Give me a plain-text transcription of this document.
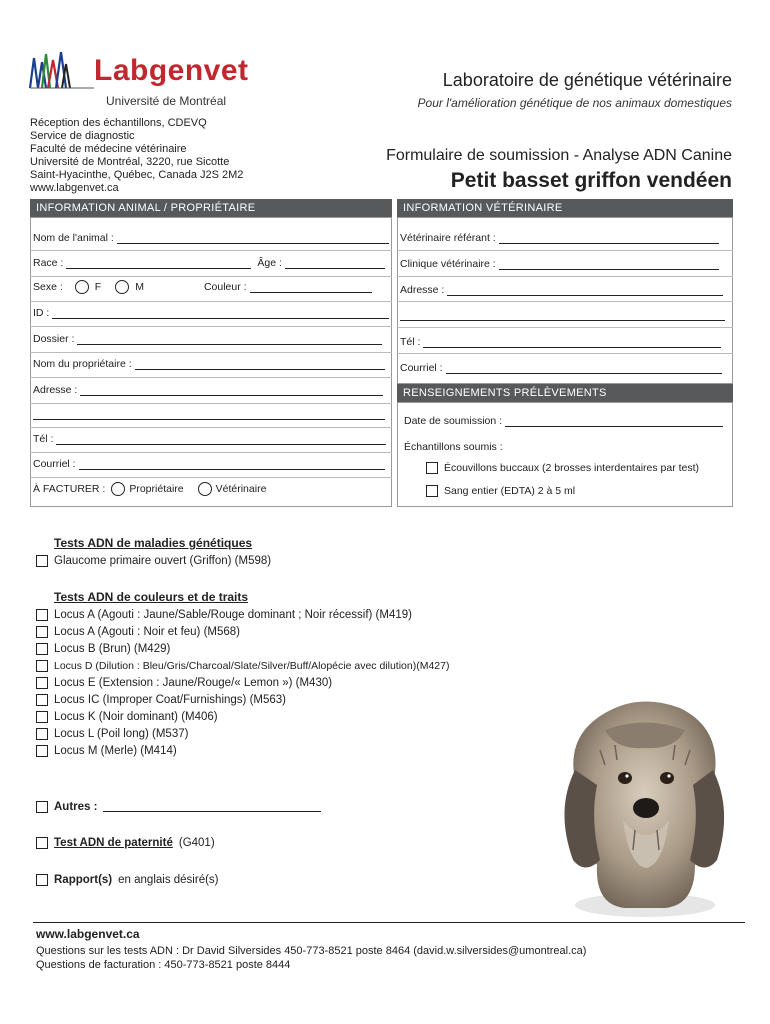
Labgenvet
Université de Montréal
Réception des échantillons, CDEVQ
Service de diagnostic
Faculté de médecine vétérinaire
Université de Montréal, 3220, rue Sicotte
Saint-Hyacinthe, Québec, Canada J2S 2M2
www.labgenvet.ca
Laboratoire de génétique vétérinaire
Pour l'amélioration génétique de nos animaux domestiques
Formulaire de soumission - Analyse ADN Canine
Petit basset griffon vendéen
INFORMATION ANIMAL / PROPRIÉTAIRE	INFORMATION VÉTÉRINAIRE
RENSEIGNEMENTS PRÉLÈVEMENTS
Nom de l'animal :
Race :	Âge :
Sexe :	F	M	Couleur :
ID :
Dossier :
Nom du propriétaire :
Adresse :
Tél :
Courriel :
À FACTURER : Propriétaire	Vétérinaire
Vétérinaire référant :
Clinique vétérinaire :
Adresse :
Tél :
Courriel :
Date de soumission :
Échantillons soumis :
Écouvillons buccaux (2 brosses interdentaires par test)
Sang entier (EDTA) 2 à 5 ml
Tests ADN de maladies génétiques
Glaucome primaire ouvert (Griffon) (M598)
Tests ADN de couleurs et de traits
Locus A (Agouti : Jaune/Sable/Rouge dominant ; Noir récessif) (M419)
Locus A (Agouti : Noir et feu) (M568)
Locus B (Brun) (M429)
Locus D (Dilution : Bleu/Gris/Charcoal/Slate/Silver/Buff/Alopécie avec dilution)(M427)
Locus E (Extension : Jaune/Rouge/« Lemon ») (M430)
Locus IC (Improper Coat/Furnishings) (M563)
Locus K (Noir dominant) (M406)
Locus L (Poil long) (M537)
Locus M (Merle) (M414)
Autres :
Test ADN de paternité (G401)
Rapport(s) en anglais désiré(s)
www.labgenvet.ca
Questions sur les tests ADN : Dr David Silversides 450-773-8521 poste 8464 (david.w.silversides@umontreal.ca)
Questions de facturation : 450-773-8521 poste 8444
